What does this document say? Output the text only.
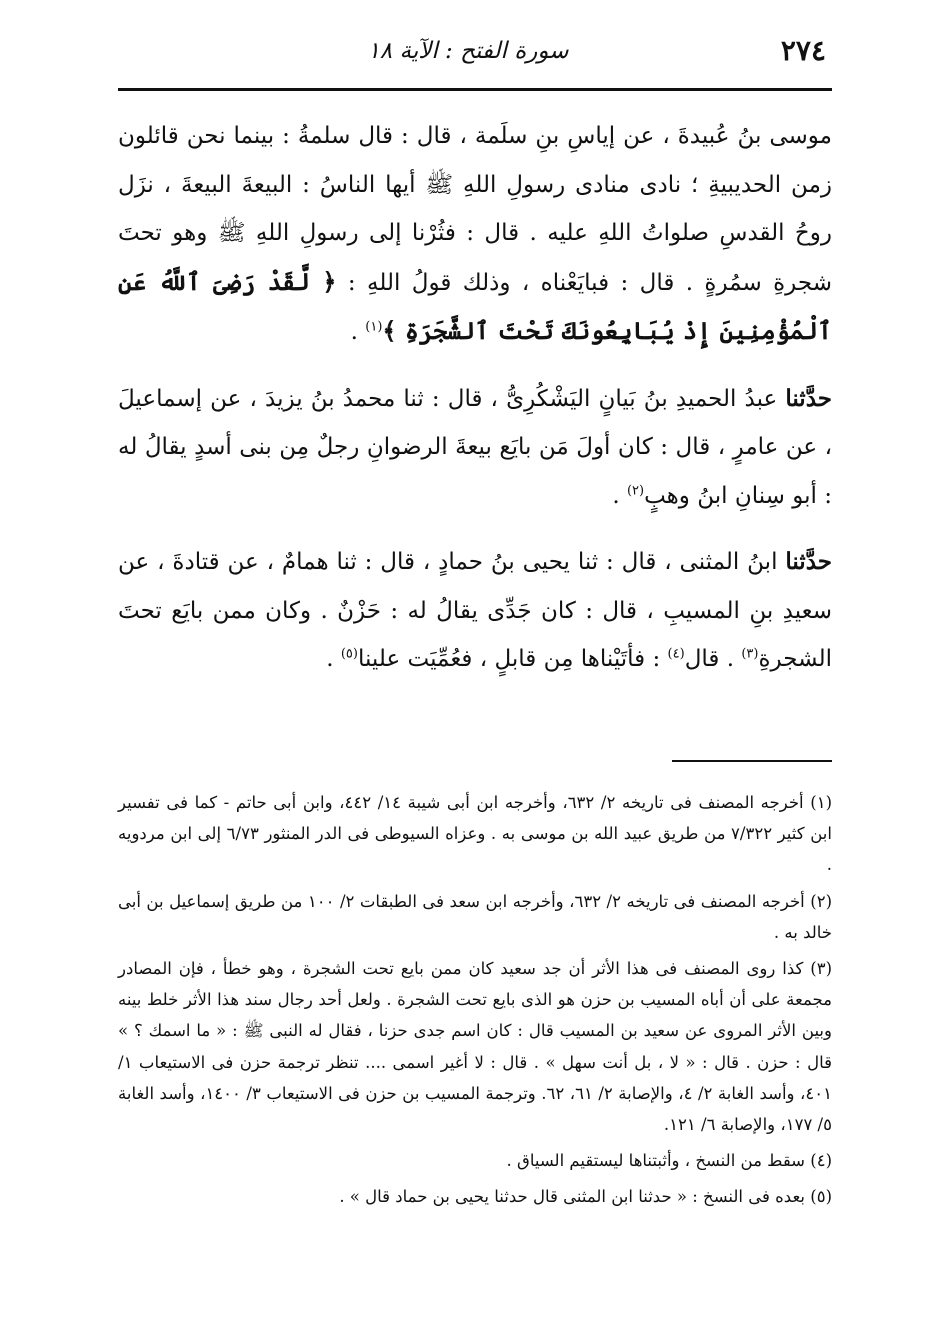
٢٧٤
سورة الفتح : الآية ١٨

موسى بنُ عُبيدةَ ، عن إياسِ بنِ سلَمة ، قال : قال سلمةُ : بينما نحن قائلون زمن الحديبيةِ ؛ نادى منادى رسولِ اللهِ ﷺ أيها الناسُ : البيعةَ البيعةَ ، نزَل روحُ القدسِ صلواتُ اللهِ عليه . قال : فثُرْنا إلى رسولِ اللهِ ﷺ وهو تحتَ شجرةِ سمُرةٍ . قال : فبايَعْناه ، وذلك قولُ اللهِ : ﴿ لَّقَدْ رَضِىَ ٱللَّهُ عَنِ ٱلْمُؤْمِنِينَ إِذْ يُبَايِعُونَكَ تَحْتَ ٱلشَّجَرَةِ ﴾$^{(١)}$ .

حدَّثنا عبدُ الحميدِ بنُ بَيانٍ اليَشْكُرِىُّ ، قال : ثنا محمدُ بنُ يزيدَ ، عن إسماعيلَ ، عن عامرٍ ، قال : كان أولَ مَن بايَع بيعةَ الرضوانِ رجلٌ مِن بنى أسدٍ يقالُ له : أبو سِنانِ ابنُ وهبٍ$^{(٢)}$ .

حدَّثنا ابنُ المثنى ، قال : ثنا يحيى بنُ حمادٍ ، قال : ثنا همامٌ ، عن قتادةَ ، عن سعيدِ بنِ المسيبِ ، قال : كان جَدِّى يقالُ له : حَزْنٌ . وكان ممن بايَع تحتَ الشجرةِ$^{(٣)}$ . قال$^{(٤)}$ : فأتَيْناها مِن قابلٍ ، فعُمِّيَت علينا$^{(٥)}$ .

(١) أخرجه المصنف فى تاريخه ٢/ ٦٣٢، وأخرجه ابن أبى شيبة ١٤/ ٤٤٢، وابن أبى حاتم - كما فى تفسير ابن كثير ٧/٣٢٢ من طريق عبيد الله بن موسى به . وعزاه السيوطى فى الدر المنثور ٦/٧٣ إلى ابن مردويه .

(٢) أخرجه المصنف فى تاريخه ٢/ ٦٣٢، وأخرجه ابن سعد فى الطبقات ٢/ ١٠٠ من طريق إسماعيل بن أبى خالد به .

(٣) كذا روى المصنف فى هذا الأثر أن جد سعيد كان ممن بايع تحت الشجرة ، وهو خطأ ، فإن المصادر مجمعة على أن أباه المسيب بن حزن هو الذى بايع تحت الشجرة . ولعل أحد رجال سند هذا الأثر خلط بينه وبين الأثر المروى عن سعيد بن المسيب قال : كان اسم جدى حزنا ، فقال له النبى ﷺ : « ما اسمك ؟ » قال : حزن . قال : « لا ، بل أنت سهل » . قال : لا أغير اسمى .... تنظر ترجمة حزن فى الاستيعاب ١/ ٤٠١، وأسد الغابة ٢/ ٤، والإصابة ٢/ ٦١، ٦٢. وترجمة المسيب بن حزن فى الاستيعاب ٣/ ١٤٠٠، وأسد الغابة ٥/ ١٧٧، والإصابة ٦/ ١٢١.

(٤) سقط من النسخ ، وأثبتناها ليستقيم السياق .

(٥) بعده فى النسخ : « حدثنا ابن المثنى قال حدثنا يحيى بن حماد قال » .
